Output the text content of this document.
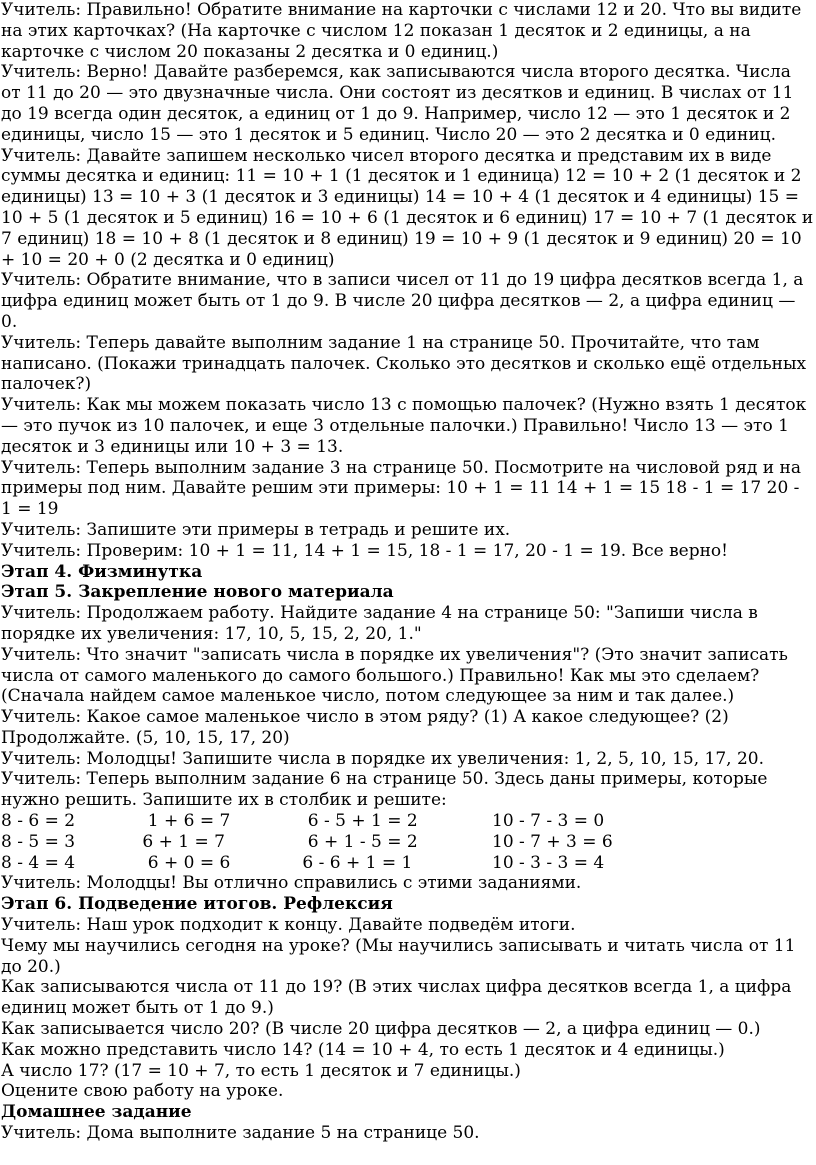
Учитель: Правильно! Обратите внимание на карточки с числами 12 и 20. Что вы видите на этих карточках? (На карточке с числом 12 показан 1 десяток и 2 единицы, а на карточке с числом 20 показаны 2 десятка и 0 единиц.)

Учитель: Верно! Давайте разберемся, как записываются числа второго десятка. Числа от 11 до 20 — это двузначные числа. Они состоят из десятков и единиц. В числах от 11 до 19 всегда один десяток, а единиц от 1 до 9. Например, число 12 — это 1 десяток и 2 единицы, число 15 — это 1 десяток и 5 единиц. Число 20 — это 2 десятка и 0 единиц.

Учитель: Давайте запишем несколько чисел второго десятка и представим их в виде суммы десятка и единиц: 11 = 10 + 1 (1 десяток и 1 единица) 12 = 10 + 2 (1 десяток и 2 единицы) 13 = 10 + 3 (1 десяток и 3 единицы) 14 = 10 + 4 (1 десяток и 4 единицы) 15 = 10 + 5 (1 десяток и 5 единиц) 16 = 10 + 6 (1 десяток и 6 единиц) 17 = 10 + 7 (1 десяток и 7 единиц) 18 = 10 + 8 (1 десяток и 8 единиц) 19 = 10 + 9 (1 десяток и 9 единиц) 20 = 10 + 10 = 20 + 0 (2 десятка и 0 единиц)

Учитель: Обратите внимание, что в записи чисел от 11 до 19 цифра десятков всегда 1, а цифра единиц может быть от 1 до 9. В числе 20 цифра десятков — 2, а цифра единиц — 0.

Учитель: Теперь давайте выполним задание 1 на странице 50. Прочитайте, что там написано. (Покажи тринадцать палочек. Сколько это десятков и сколько ещё отдельных палочек?)

Учитель: Как мы можем показать число 13 с помощью палочек? (Нужно взять 1 десяток — это пучок из 10 палочек, и еще 3 отдельные палочки.) Правильно! Число 13 — это 1 десяток и 3 единицы или 10 + 3 = 13.

Учитель: Теперь выполним задание 3 на странице 50. Посмотрите на числовой ряд и на примеры под ним. Давайте решим эти примеры: 10 + 1 = 11 14 + 1 = 15 18 - 1 = 17 20 - 1 = 19

Учитель: Запишите эти примеры в тетрадь и решите их.

Учитель: Проверим: 10 + 1 = 11, 14 + 1 = 15, 18 - 1 = 17, 20 - 1 = 19. Все верно!

Этап 4. Физминутка

Этап 5. Закрепление нового материала

Учитель: Продолжаем работу. Найдите задание 4 на странице 50: "Запиши числа в порядке их увеличения: 17, 10, 5, 15, 2, 20, 1."

Учитель: Что значит "записать числа в порядке их увеличения"? (Это значит записать числа от самого маленького до самого большого.) Правильно! Как мы это сделаем? (Сначала найдем самое маленькое число, потом следующее за ним и так далее.)

Учитель: Какое самое маленькое число в этом ряду? (1) А какое следующее? (2) Продолжайте. (5, 10, 15, 17, 20)

Учитель: Молодцы! Запишите числа в порядке их увеличения: 1, 2, 5, 10, 15, 17, 20.

Учитель: Теперь выполним задание 6 на странице 50. Здесь даны примеры, которые нужно решить. Запишите их в столбик и решите:

8 - 6 = 2	1 + 6 = 7	6 - 5 + 1 = 2	10 - 7 - 3 = 0
8 - 5 = 3	6 + 1 = 7	6 + 1 - 5 = 2	10 - 7 + 3 = 6
8 - 4 = 4	6 + 0 = 6	6 - 6 + 1 = 1	10 - 3 - 3 = 4

Учитель: Молодцы! Вы отлично справились с этими заданиями.

Этап 6. Подведение итогов. Рефлексия

Учитель: Наш урок подходит к концу. Давайте подведём итоги.

Чему мы научились сегодня на уроке? (Мы научились записывать и читать числа от 11 до 20.)

Как записываются числа от 11 до 19? (В этих числах цифра десятков всегда 1, а цифра единиц может быть от 1 до 9.)

Как записывается число 20? (В числе 20 цифра десятков — 2, а цифра единиц — 0.)

Как можно представить число 14? (14 = 10 + 4, то есть 1 десяток и 4 единицы.)

А число 17? (17 = 10 + 7, то есть 1 десяток и 7 единицы.)

Оцените свою работу на уроке.

Домашнее задание

Учитель: Дома выполните задание 5 на странице 50.
